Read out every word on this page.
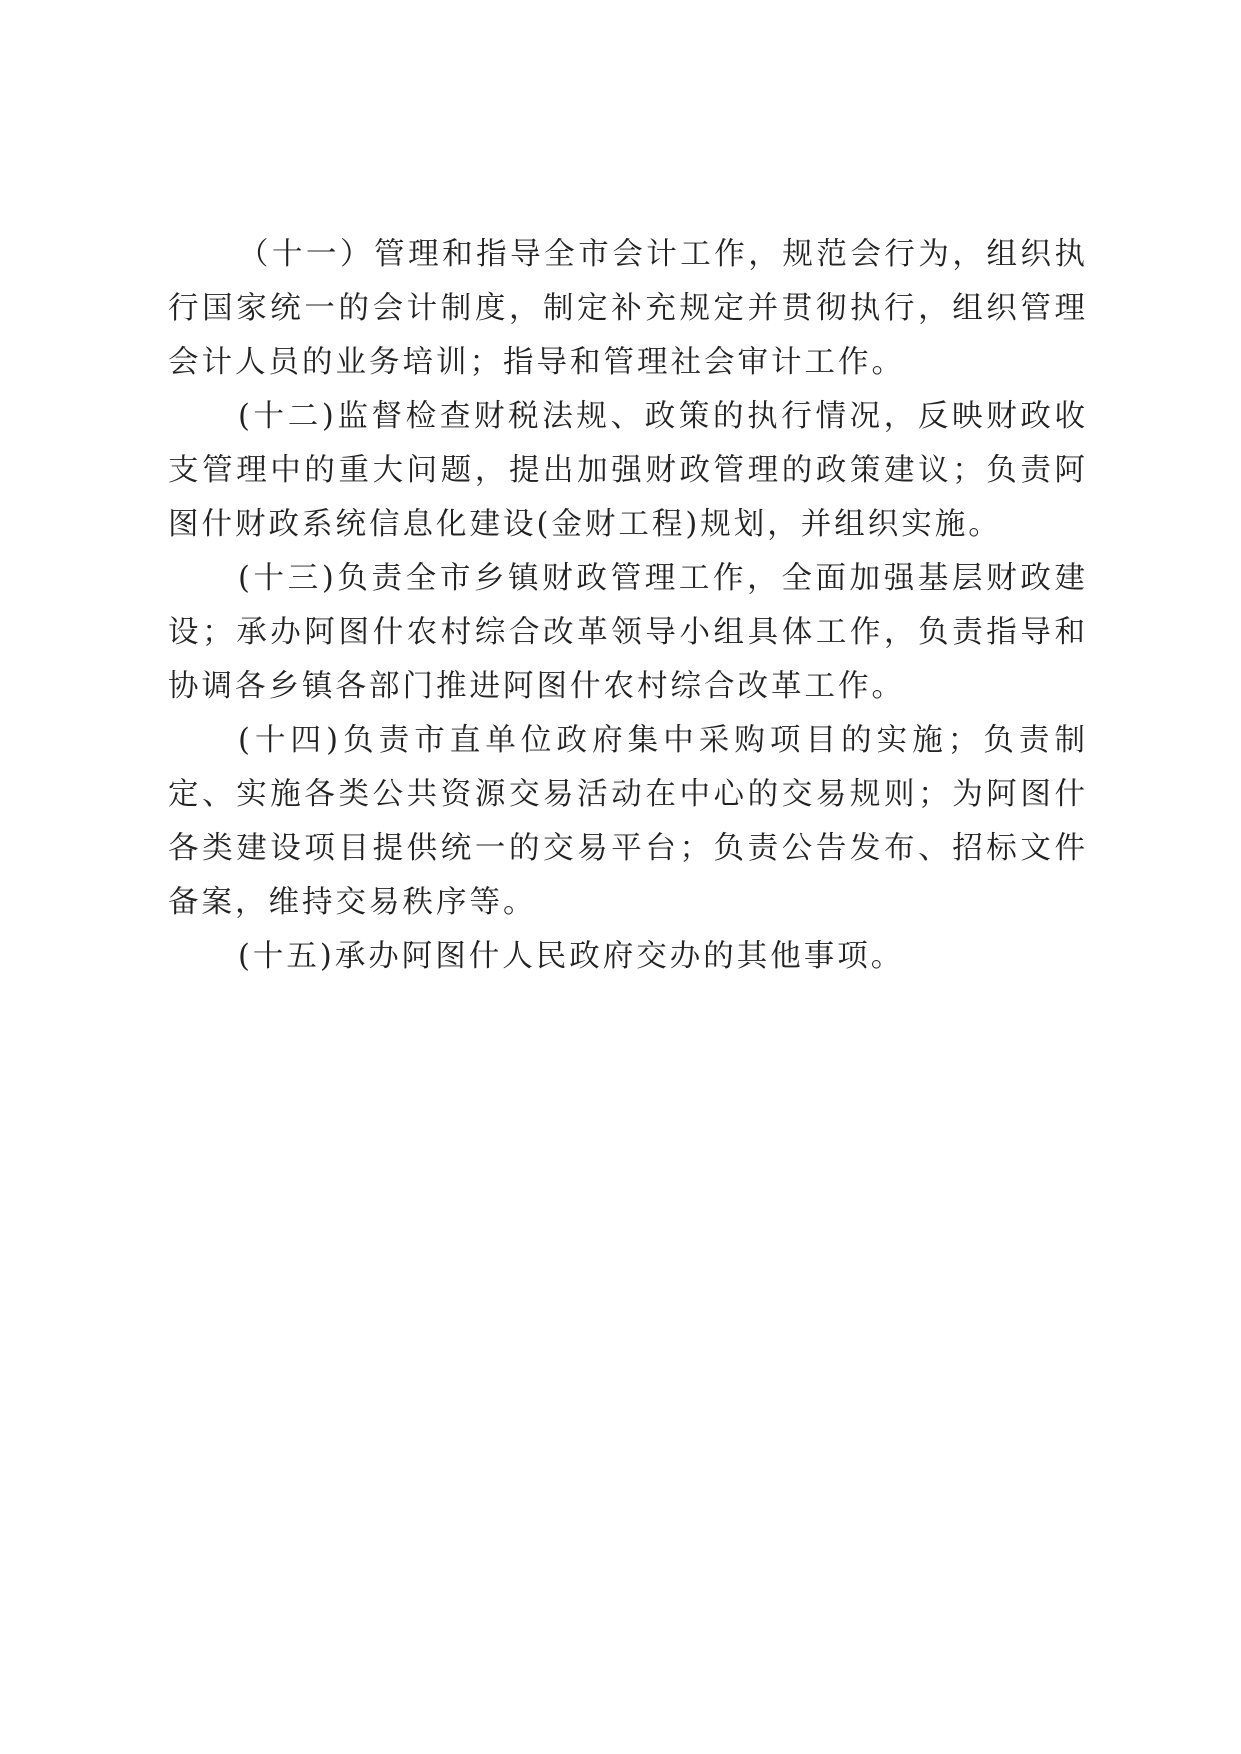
（十一）管理和指导全市会计工作，规范会行为，组织执行国家统一的会计制度，制定补充规定并贯彻执行，组织管理会计人员的业务培训；指导和管理社会审计工作。

(十二)监督检查财税法规、政策的执行情况，反映财政收支管理中的重大问题，提出加强财政管理的政策建议；负责阿图什财政系统信息化建设(金财工程)规划，并组织实施。

(十三)负责全市乡镇财政管理工作，全面加强基层财政建设；承办阿图什农村综合改革领导小组具体工作，负责指导和协调各乡镇各部门推进阿图什农村综合改革工作。

(十四)负责市直单位政府集中采购项目的实施；负责制定、实施各类公共资源交易活动在中心的交易规则；为阿图什各类建设项目提供统一的交易平台；负责公告发布、招标文件备案，维持交易秩序等。

(十五)承办阿图什人民政府交办的其他事项。
